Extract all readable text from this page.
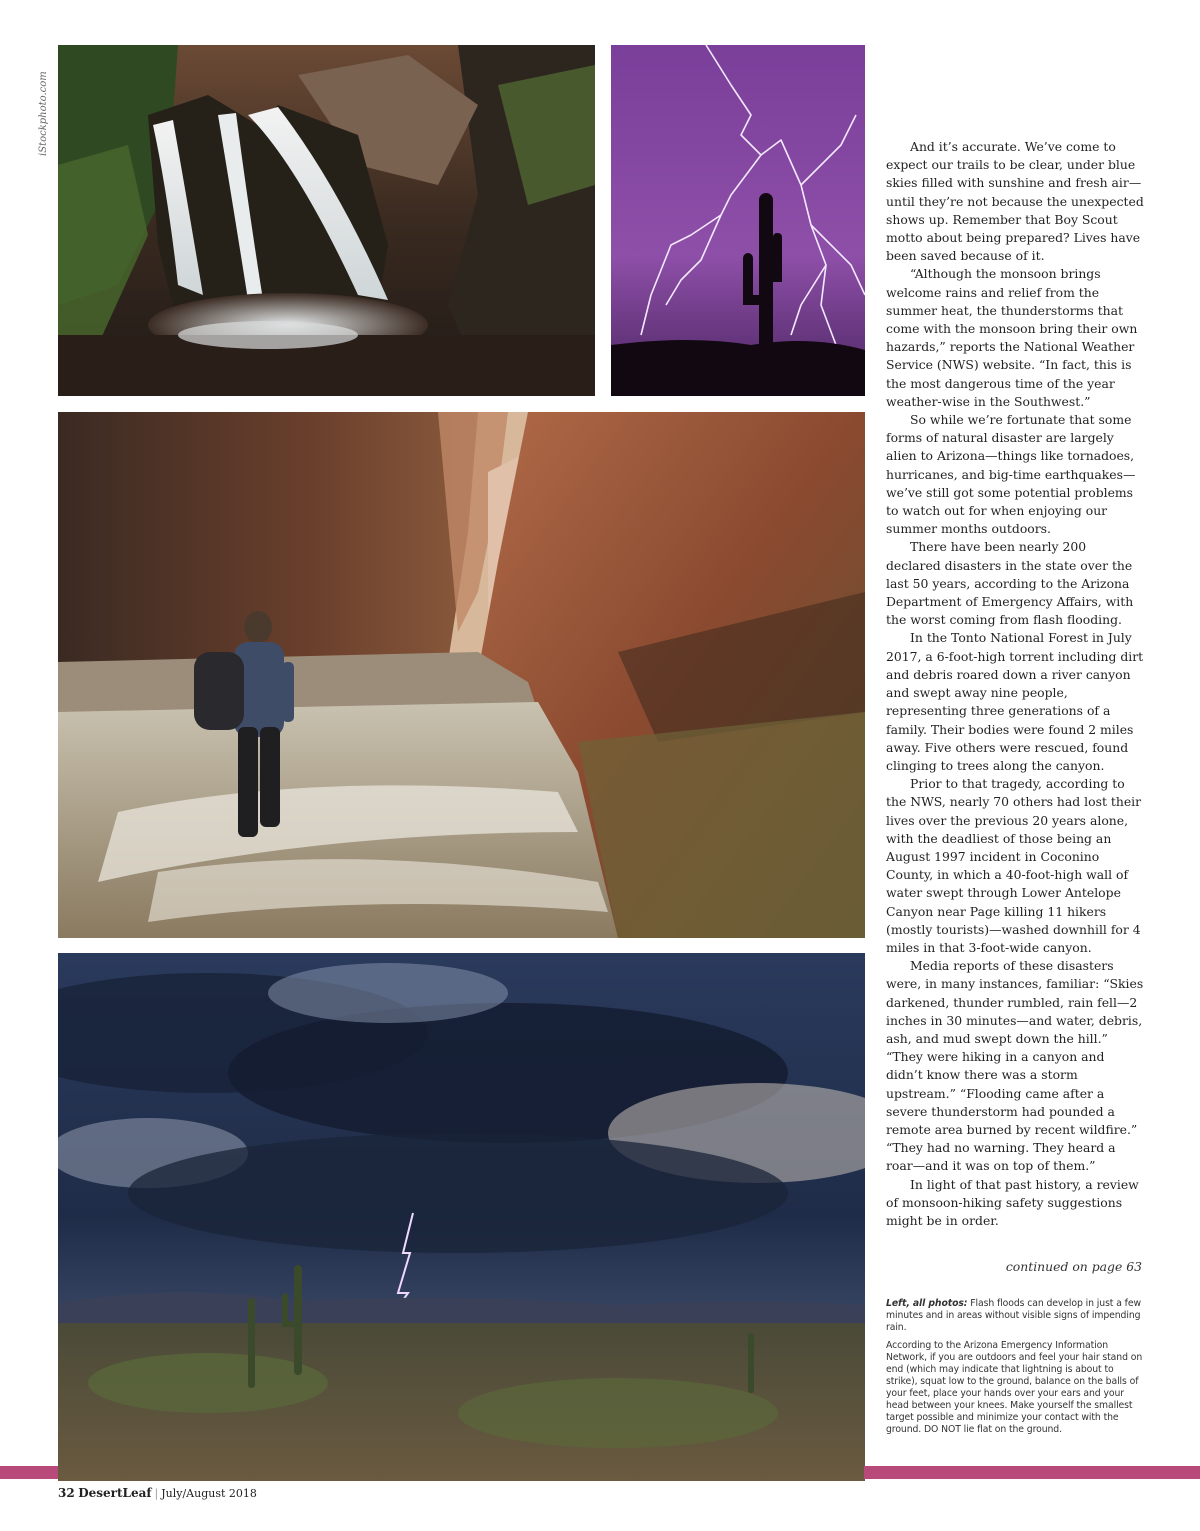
iStockphoto.com	And it’s accurate. We’ve come to expect our trails to be clear, under blue skies filled with sunshine and fresh air—until they’re not because the unexpected shows up. Remember that Boy Scout motto about being prepared? Lives have been saved because of it.

“Although the monsoon brings welcome rains and relief from the summer heat, the thunderstorms that come with the monsoon bring their own hazards,” reports the National Weather Service (NWS) website. “In fact, this is the most dangerous time of the year weather-wise in the Southwest.”

So while we’re fortunate that some forms of natural disaster are largely alien to Arizona—things like tornadoes, hurricanes, and big-time earthquakes—we’ve still got some potential problems to watch out for when enjoying our summer months outdoors.

There have been nearly 200 declared disasters in the state over the last 50 years, according to the Arizona Department of Emergency Affairs, with the worst coming from flash flooding.

In the Tonto National Forest in July 2017, a 6-foot-high torrent including dirt and debris roared down a river canyon and swept away nine people, representing three generations of a family. Their bodies were found 2 miles away. Five others were rescued, found clinging to trees along the canyon.

Prior to that tragedy, according to the NWS, nearly 70 others had lost their lives over the previous 20 years alone, with the deadliest of those being an August 1997 incident in Coconino County, in which a 40-foot-high wall of water swept through Lower Antelope Canyon near Page killing 11 hikers (mostly tourists)—washed downhill for 4 miles in that 3-foot-wide canyon.

Media reports of these disasters were, in many instances, familiar: “Skies darkened, thunder rumbled, rain fell—2 inches in 30 minutes—and water, debris, ash, and mud swept down the hill.” “They were hiking in a canyon and didn’t know there was a storm upstream.” “Flooding came after a severe thunderstorm had pounded a remote area burned by recent wildfire.” “They had no warning. They heard a roar—and it was on top of them.”

In light of that past history, a review of monsoon-hiking safety suggestions might be in order.

continued on page 63

Left, all photos: Flash floods can develop in just a few minutes and in areas without visible signs of impending rain.

According to the Arizona Emergency Information Network, if you are outdoors and feel your hair stand on end (which may indicate that lightning is about to strike), squat low to the ground, balance on the balls of your feet, place your hands over your ears and your head between your knees. Make yourself the smallest target possible and minimize your contact with the ground. DO NOT lie flat on the ground.

32 DesertLeaf | July/August 2018
